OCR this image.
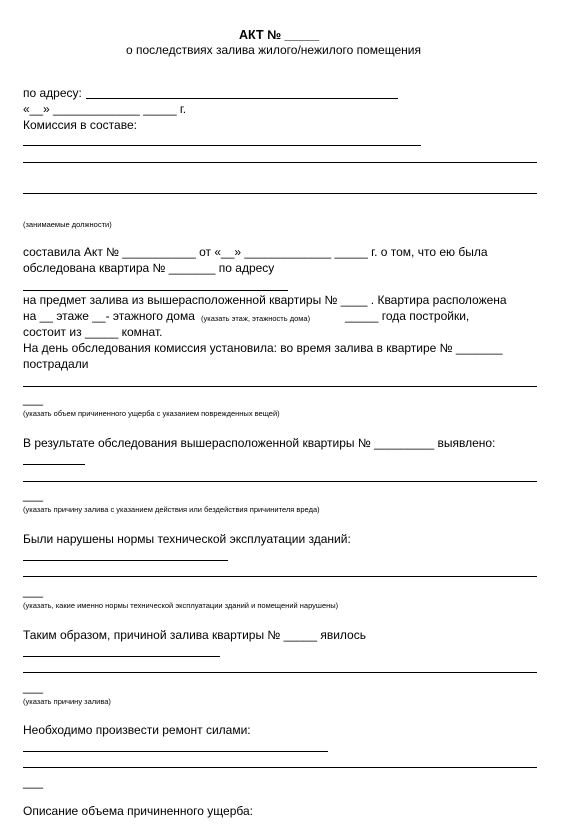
АКТ № _____
о последствиях залива жилого/нежилого помещения
по адресу:
«__» _____________ _____ г.
Комиссия в составе:
(занимаемые должности)
составила Акт № ___________ от «__» _____________ _____ г. о том, что ею была
обследована квартира № _______ по адресу
на предмет залива из вышерасположенной квартиры № ____ . Квартира расположена
на __ этаже __- этажного дома (указать этаж, этажность дома)	_____ года постройки,
состоит из _____ комнат.
На день обследования комиссия установила: во время залива в квартире № _______
пострадали
___
(указать объем причиненного ущерба с указанием поврежденных вещей)
В результате обследования вышерасположенной квартиры № _________ выявлено:
___
(указать причину залива с указанием действия или бездействия причинителя вреда)
Были нарушены нормы технической эксплуатации зданий:
___
(указать, какие именно нормы технической эксплуатации зданий и помещений нарушены)
Таким образом, причиной залива квартиры № _____ явилось
___
(указать причину залива)
Необходимо произвести ремонт силами:
___
Описание объема причиненного ущерба:
